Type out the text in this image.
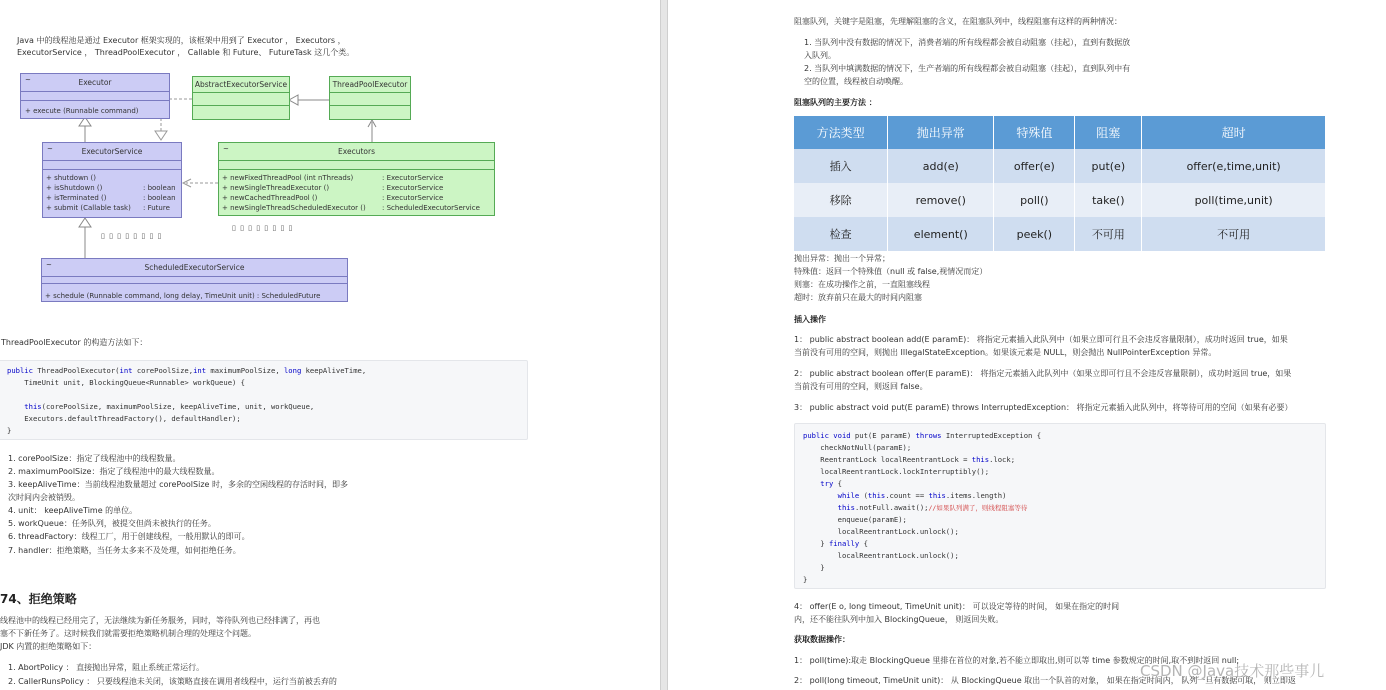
Java 中的线程池是通过 Executor 框架实现的，该框架中用到了 Executor ， Executors ，
ExecutorService ， ThreadPoolExecutor ， Callable 和 Future、 FutureTask 这几个类。
~	Executor
+ execute (Runnable command)
AbstractExecutorService	ThreadPoolExecutor
~	ExecutorService
+ shutdown ()
+ isShutdown ()
+ isTerminated ()
+ submit (Callable task)
: boolean
: boolean
: Future
~	Executors
+ newFixedThreadPool (int nThreads)
+ newSingleThreadExecutor ()
+ newCachedThreadPool ()
+ newSingleThreadScheduledExecutor ()
: ExecutorService
: ExecutorService
: ExecutorService
: ScheduledExecutorService
▯ ▯ ▯ ▯ ▯ ▯ ▯ ▯
▯ ▯ ▯ ▯ ▯ ▯ ▯ ▯
~	ScheduledExecutorService
+ schedule (Runnable command, long delay, TimeUnit unit) : ScheduledFuture
ThreadPoolExecutor 的构造方法如下：
public ThreadPoolExecutor(int corePoolSize,int maximumPoolSize, long keepAliveTime,
TimeUnit unit, BlockingQueue<Runnable> workQueue) {
this(corePoolSize, maximumPoolSize, keepAliveTime, unit, workQueue,
Executors.defaultThreadFactory(), defaultHandler);
}
1. corePoolSize：指定了线程池中的线程数量。
2. maximumPoolSize：指定了线程池中的最大线程数量。
3. keepAliveTime：当前线程池数量超过 corePoolSize 时，多余的空闲线程的存活时间，即多
次时间内会被销毁。
4. unit： keepAliveTime 的单位。
5. workQueue：任务队列，被提交但尚未被执行的任务。
6. threadFactory：线程工厂，用于创建线程，一般用默认的即可。
7. handler：拒绝策略，当任务太多来不及处理，如何拒绝任务。
74、拒绝策略
线程池中的线程已经用完了，无法继续为新任务服务，同时，等待队列也已经排满了，再也
塞不下新任务了。这时候我们就需要拒绝策略机制合理的处理这个问题。
JDK 内置的拒绝策略如下：
1. AbortPolicy ： 直接抛出异常，阻止系统正常运行。
2. CallerRunsPolicy ： 只要线程池未关闭，该策略直接在调用者线程中，运行当前被丢弃的
阻塞队列，关键字是阻塞，先理解阻塞的含义，在阻塞队列中，线程阻塞有这样的两种情况：
1. 当队列中没有数据的情况下，消费者端的所有线程都会被自动阻塞（挂起），直到有数据放
入队列。
2. 当队列中填满数据的情况下，生产者端的所有线程都会被自动阻塞（挂起），直到队列中有
空的位置，线程被自动唤醒。
阻塞队列的主要方法 ：
方法类型	抛出异常	特殊值	阻塞	超时
插入	add(e)	offer(e)	put(e)	offer(e,time,unit)
移除	remove()	poll()	take()	poll(time,unit)
检查	element()	peek()	不可用	不可用
抛出异常：抛出一个异常；
特殊值：返回一个特殊值（null 或 false,视情况而定）
则塞：在成功操作之前，一直阻塞线程
超时：放弃前只在最大的时间内阻塞
插入操作
1： public abstract boolean add(E paramE)： 将指定元素插入此队列中（如果立即可行且不会违反容量限制），成功时返回 true，如果
当前没有可用的空间，则抛出 IllegalStateException。如果该元素是 NULL，则会抛出 NullPointerException 异常。
2： public abstract boolean offer(E paramE)： 将指定元素插入此队列中（如果立即可行且不会违反容量限制），成功时返回 true，如果
当前没有可用的空间，则返回 false。
3： public abstract void put(E paramE) throws InterruptedException： 将指定元素插入此队列中，将等待可用的空间（如果有必要）
public void put(E paramE) throws InterruptedException {
checkNotNull(paramE);
ReentrantLock localReentrantLock = this.lock;
localReentrantLock.lockInterruptibly();
try {
while (this.count == this.items.length)
this.notFull.await();//如果队列满了，则线程阻塞等待
enqueue(paramE);
localReentrantLock.unlock();
} finally {
localReentrantLock.unlock();
}
}
4： offer(E o, long timeout, TimeUnit unit)： 可以设定等待的时间， 如果在指定的时间
内，还不能往队列中加入 BlockingQueue， 则返回失败。
获取数据操作：
1： poll(time):取走 BlockingQueue 里排在首位的对象,若不能立即取出,则可以等 time 参数规定的时间,取不到时返回 null;
2： poll(long timeout, TimeUnit unit)： 从 BlockingQueue 取出一个队首的对象， 如果在指定时间内， 队列一旦有数据可取， 则立即返
CSDN @Java技术那些事儿
